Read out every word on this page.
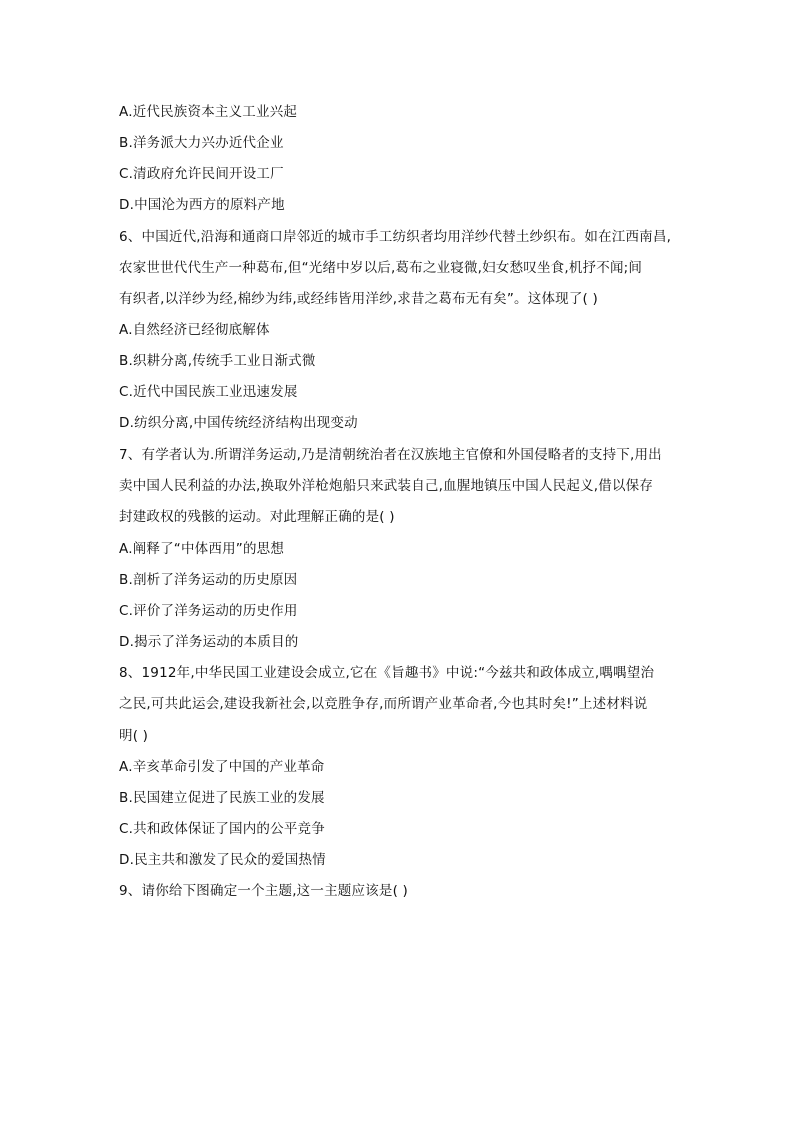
A.近代民族资本主义工业兴起
B.洋务派大力兴办近代企业
C.清政府允许民间开设工厂
D.中国沦为西方的原料产地
6、中国近代,沿海和通商口岸邻近的城市手工纺织者均用洋纱代替土纱织布。如在江西南昌,
农家世世代代生产一种葛布,但“光绪中岁以后,葛布之业寝微,妇女愁叹坐食,机抒不闻;间
有织者,以洋纱为经,棉纱为纬,或经纬皆用洋纱,求昔之葛布无有矣”。这体现了( )
A.自然经济已经彻底解体
B.织耕分离,传统手工业日渐式微
C.近代中国民族工业迅速发展
D.纺织分离,中国传统经济结构出现变动
7、有学者认为.所谓洋务运动,乃是清朝统治者在汉族地主官僚和外国侵略者的支持下,用出
卖中国人民利益的办法,换取外洋枪炮船只来武装自己,血腥地镇压中国人民起义,借以保存
封建政权的残骸的运动。对此理解正确的是( )
A.阐释了“中体西用”的思想
B.剖析了洋务运动的历史原因
C.评价了洋务运动的历史作用
D.揭示了洋务运动的本质目的
8、1912年,中华民国工业建设会成立,它在《旨趣书》中说:“今兹共和政体成立,喁喁望治
之民,可共此运会,建设我新社会,以竞胜争存,而所谓产业革命者,今也其时矣!”上述材料说
明( )
A.辛亥革命引发了中国的产业革命
B.民国建立促进了民族工业的发展
C.共和政体保证了国内的公平竞争
D.民主共和激发了民众的爱国热情
9、请你给下图确定一个主题,这一主题应该是( )
